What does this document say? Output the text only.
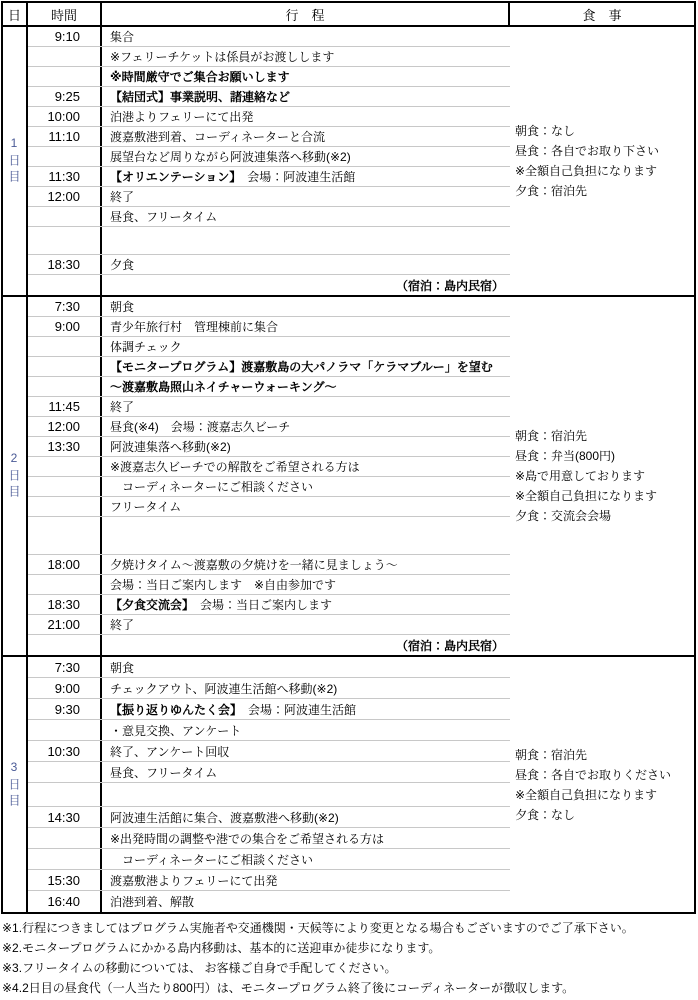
日	時間	行　程	食　事
1日目
9:10	集合
※フェリーチケットは係員がお渡しします
※時間厳守でご集合お願いします
9:25	【結団式】事業説明、諸連絡など
10:00	泊港よりフェリーにて出発
11:10	渡嘉敷港到着、コーディネーターと合流
展望台など周りながら阿波連集落へ移動(※2)
11:30	【オリエンテーション】　会場：阿波連生活館
12:00	終了
昼食、フリータイム
18:30	夕食
（宿泊：島内民宿）
朝食：なし
昼食：各自でお取り下さい
※全額自己負担になります
夕食：宿泊先
2日目
7:30	朝食
9:00	青少年旅行村　管理棟前に集合
体調チェック
【モニタープログラム】渡嘉敷島の大パノラマ「ケラマブルー」を望む
～渡嘉敷島照山ネイチャーウォーキング～
11:45	終了
12:00	昼食(※4)　会場：渡嘉志久ビーチ
13:30	阿波連集落へ移動(※2)
※渡嘉志久ビーチでの解散をご希望される方は
　コーディネーターにご相談ください
フリータイム
18:00	夕焼けタイム～渡嘉敷の夕焼けを一緒に見ましょう～
会場：当日ご案内します　※自由参加です
18:30	【夕食交流会】　会場：当日ご案内します
21:00	終了
（宿泊：島内民宿）
朝食：宿泊先
昼食：弁当(800円)
※島で用意しております
※全額自己負担になります
夕食：交流会会場
3日目
7:30	朝食
9:00	チェックアウト、阿波連生活館へ移動(※2)
9:30	【振り返りゆんたく会】　会場：阿波連生活館
・意見交換、アンケート
10:30	終了、アンケート回収
昼食、フリータイム
14:30	阿波連生活館に集合、渡嘉敷港へ移動(※2)
※出発時間の調整や港での集合をご希望される方は
　コーディネーターにご相談ください
15:30	渡嘉敷港よりフェリーにて出発
16:40	泊港到着、解散
朝食：宿泊先
昼食：各自でお取りください
※全額自己負担になります
夕食：なし
※1.行程につきましてはプログラム実施者や交通機関・天候等により変更となる場合もございますのでご了承下さい。
※2.モニタープログラムにかかる島内移動は、基本的に送迎車か徒歩になります。
※3.フリータイムの移動については、 お客様ご自身で手配してください。
※4.2日目の昼食代（一人当たり800円）は、モニタープログラム終了後にコーディネーターが徴収します。
